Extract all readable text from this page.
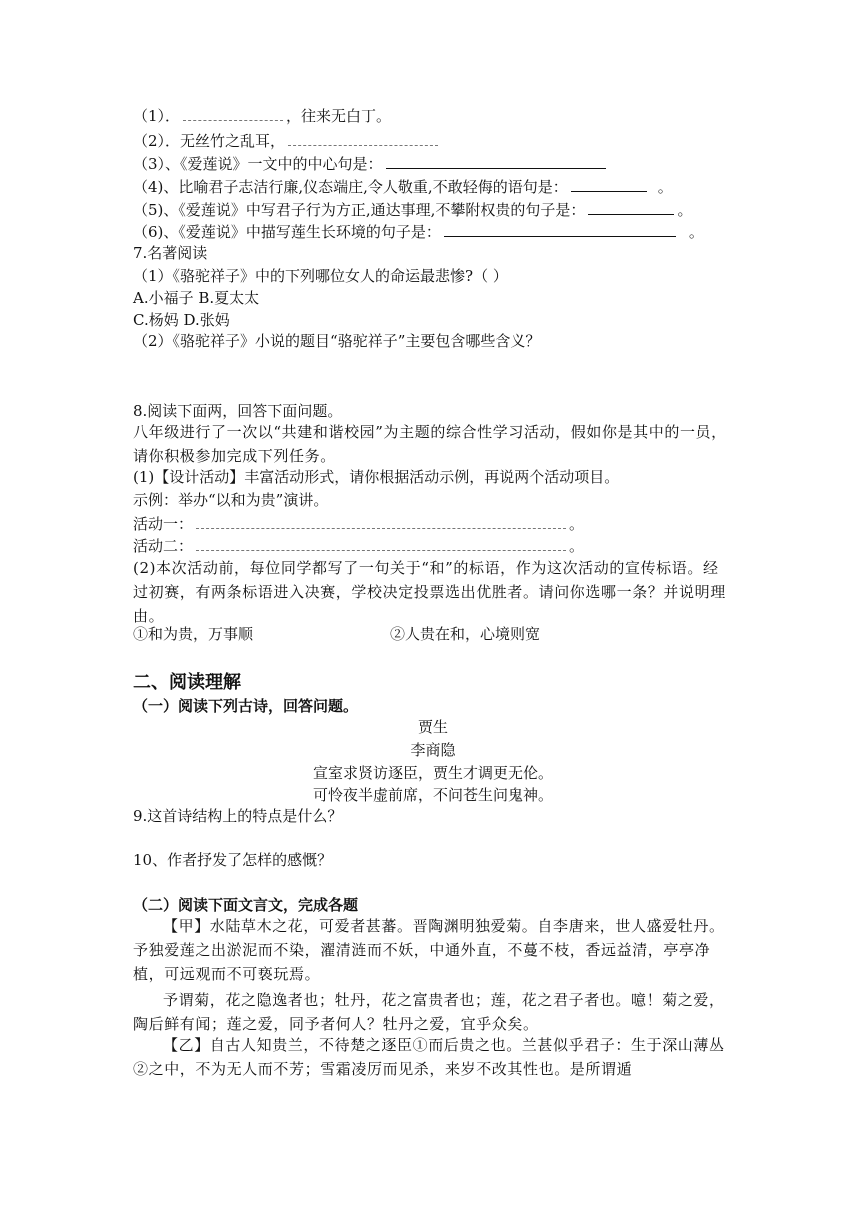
（1）．	，往来无白丁。
（2）．无丝竹之乱耳，
（3）、《爱莲说》一文中的中心句是：
（4)、比喻君子志洁行廉,仪态端庄,令人敬重,不敢轻侮的语句是：	。
（5)、《爱莲说》中写君子行为方正,通达事理,不攀附权贵的句子是：	。
（6)、《爱莲说》中描写莲生长环境的句子是：	。
7.名著阅读
（1）《骆驼祥子》中的下列哪位女人的命运最悲惨?（ ）
A.小福子 B.夏太太
C.杨妈 D.张妈
（2）《骆驼祥子》小说的题目“骆驼祥子”主要包含哪些含义？
8.阅读下面两，回答下面问题。
八年级进行了一次以“共建和谐校园”为主题的综合性学习活动，假如你是其中的一员，请你积极参加完成下列任务。
(1)【设计活动】丰富活动形式，请你根据活动示例，再说两个活动项目。
示例：举办“以和为贵”演讲。
活动一：	。
活动二：	。
(2)本次活动前，每位同学都写了一句关于“和”的标语，作为这次活动的宣传标语。经过初赛，有两条标语进入决赛，学校决定投票选出优胜者。请问你选哪一条？并说明理由。
①和为贵，万事顺	②人贵在和，心境则宽
二、阅读理解
（一）阅读下列古诗，回答问题。
贾生
李商隐
宣室求贤访逐臣，贾生才调更无伦。
可怜夜半虚前席，不问苍生问鬼神。
9.这首诗结构上的特点是什么？
10、作者抒发了怎样的感慨？
（二）阅读下面文言文，完成各题
【甲】水陆草木之花，可爱者甚蕃。晋陶渊明独爱菊。自李唐来，世人盛爱牡丹。予独爱莲之出淤泥而不染，濯清涟而不妖，中通外直，不蔓不枝，香远益清，亭亭净植，可远观而不可亵玩焉。
予谓菊，花之隐逸者也；牡丹，花之富贵者也；莲，花之君子者也。噫！菊之爱，陶后鲜有闻；莲之爱，同予者何人？牡丹之爱，宜乎众矣。
【乙】自古人知贵兰，不待楚之逐臣①而后贵之也。兰甚似乎君子：生于深山薄丛②之中，不为无人而不芳；雪霜凌厉而见杀，来岁不改其性也。是所谓遁
